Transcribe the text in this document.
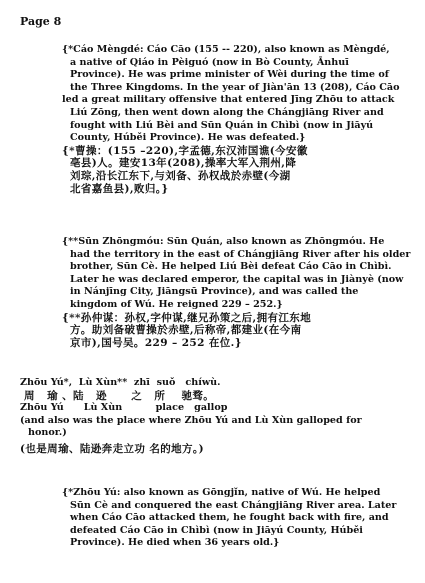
Page 8
{*Cáo Mèngdé: Cáo Cāo (155 -- 220), also known as Mèngdé,
a native of Qiáo in Pèiguó (now in Bò County, Ānhuī
Province). He was prime minister of Wèi during the time of
the Three Kingdoms. In the year of Jiàn'ān 13 (208), Cáo Cāo
led a great military offensive that entered Jīng Zhōu to attack
Liú Zōng, then went down along the Chángjiāng River and
fought with Liú Bèi and Sūn Quán in Chìbì (now in Jiāyú
County, Húběi Province). He was defeated.}
{*曹操：(155 –220),字孟德,东汉沛国谯(今安徽
亳县)人。建安13年(208),操率大军入荆州,降
刘琮,沿长江东下,与刘备、孙权战於赤壁(今湖
北省嘉鱼县),败归。}
{**Sūn Zhōngmóu: Sūn Quán, also known as Zhōngmóu. He
had the territory in the east of Chángjiāng River after his older
brother, Sūn Cè. He helped Liú Bèi defeat Cáo Cāo in Chìbì.
Later he was declared emperor, the capital was in Jiànyè (now
in Nánjīng City, Jiāngsū Province), and was called the
kingdom of Wú. He reigned 229 – 252.}
{**孙仲谋：孙权,字仲谋,继兄孙策之后,拥有江东地
方。助刘备破曹操於赤壁,后称帝,都建业(在今南
京市),国号吴。229 – 252 在位.}
Zhōu Yú*,  Lù Xùn**  zhī  suǒ   chíwù.
周   瑜 、陆   逊      之   所    驰骛。
Zhōu Yú      Lù Xùn          place   gallop
(and also was the place where Zhōu Yú and Lù Xùn galloped for
honor.)
(也是周瑜、陆逊奔走立功 名的地方。)
{*Zhōu Yú: also known as Gōngjǐn, native of Wú. He helped
Sūn Cè and conquered the east Chángjiāng River area. Later
when Cáo Cāo attacked them, he fought back with fire, and
defeated Cáo Cāo in Chìbì (now in Jiāyú County, Húběi
Province). He died when 36 years old.}
